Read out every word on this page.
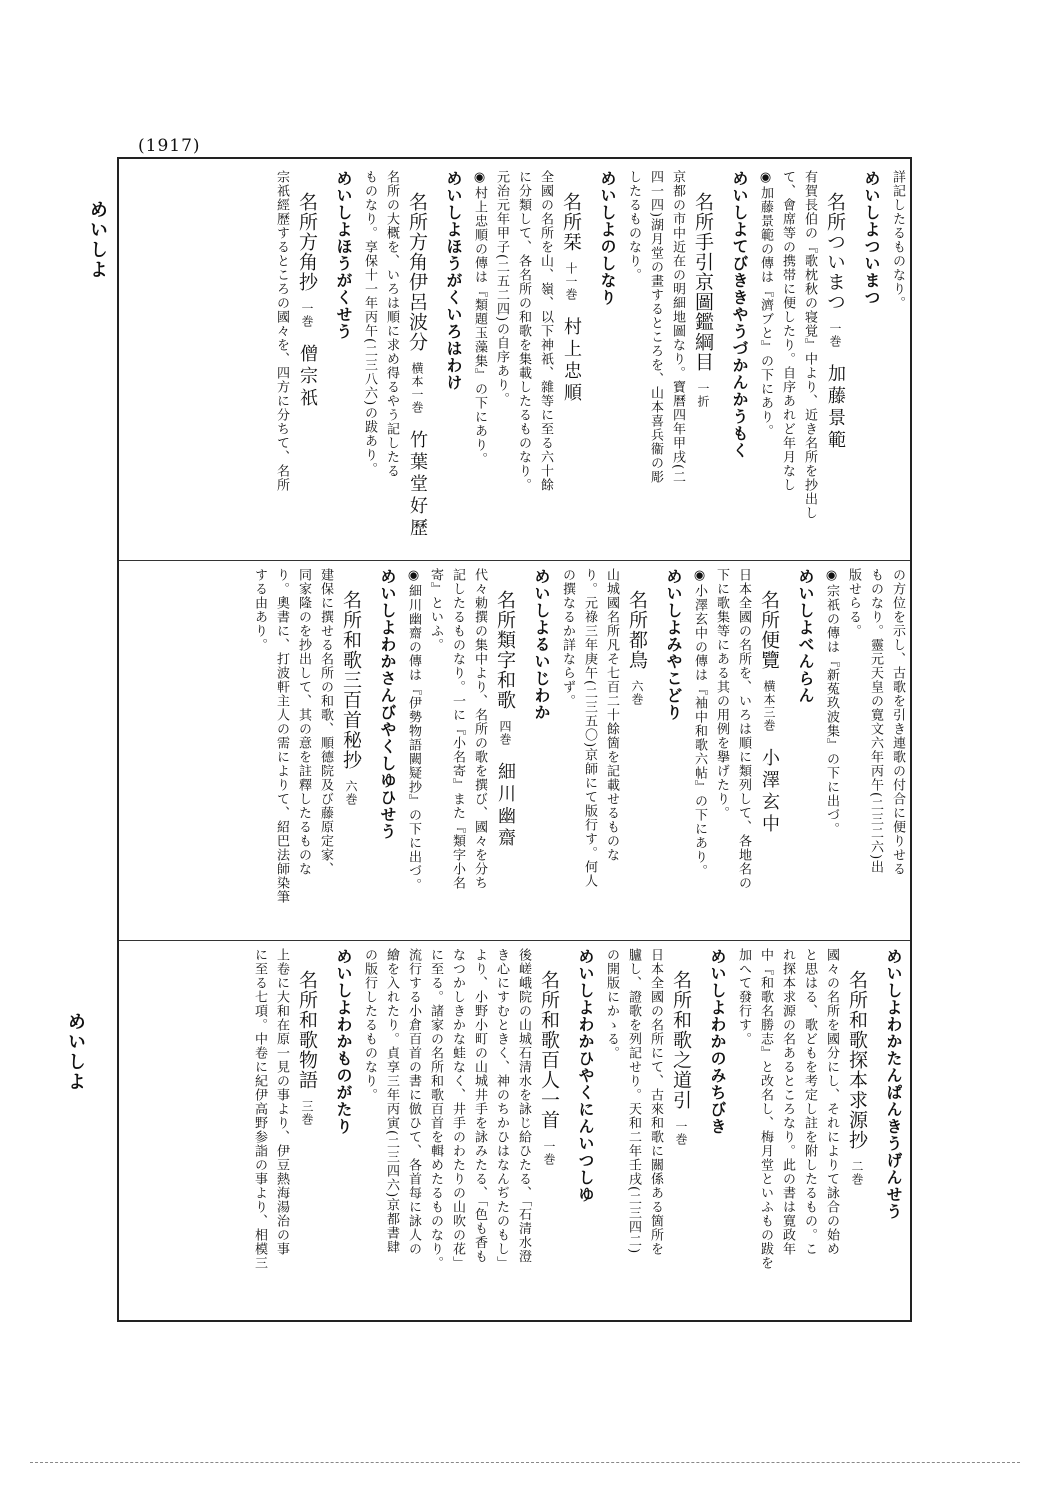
(1917)
めいしよ
めいしよ
詳記したるものなり。
めいしよついまつ
名所ついまつ一巻加藤景範
有賀長伯の『歌枕秋の寝覚』中より、近き名所を抄出し
て、會席等の携帯に便したり。自序あれど年月なし
◉加藤景範の傳は『濟ブと』の下にあり。
めいしよてびききやうづかんかうもく
名所手引京圖鑑綱目一折
京都の市中近在の明細地圖なり。寶曆四年甲戌(二
四一四)湖月堂の畫するところを、山本喜兵衞の彫
したるものなり。
めいしよのしなり
名所栞十一巻村上忠順
全國の名所を山、嶺、以下神祇、雜等に至る六十餘
に分類して、各名所の和歌を集載したるものなり。
元治元年甲子(二五二四)の自序あり。
◉村上忠順の傳は『類題玉藻集』の下にあり。
めいしよほうがくいろはわけ
名所方角伊呂波分横本一巻竹葉堂好歷
名所の大概を、いろは順に求め得るやう記したる
ものなり。享保十一年丙午(二三八六)の跋あり。
めいしよほうがくせう
名所方角抄一巻僧宗祇
宗祇經歷するところの國々を、四方に分ちて、名所
の方位を示し、古歌を引き連歌の付合に便りせる
ものなり。靈元天皇の寛文六年丙午(二三二六)出
版せらる。
◉宗祇の傳は『新菟玖波集』の下に出づ。
めいしよべんらん
名所便覽横本三巻小澤玄中
日本全國の名所を、いろは順に類列して、各地名の
下に歌集等にある其の用例を擧げたり。
◉小澤玄中の傳は『袖中和歌六帖』の下にあり。
めいしよみやこどり
名所都鳥六巻
山城國名所凡そ七百二十餘箇を記載せるものな
り。元祿三年庚午(二三五〇)京師にて版行す。何人
の撰なるか詳ならず。
めいしよるいじわか
名所類字和歌四巻細川幽齋
代々勅撰の集中より、名所の歌を撰び、國々を分ち
記したるものなり。一に『小名寄』また『類字小名
寄』といふ。
◉細川幽齋の傳は『伊勢物語闕疑抄』の下に出づ。
めいしよわかさんびやくしゆひせう
名所和歌三百首秘抄六巻
建保に撰せる名所の和歌、順德院及び藤原定家、
同家隆のを抄出して、其の意を註釋したるものな
り。奧書に、打波軒主人の需によりて、紹巴法師染筆
する由あり。
めいしよわかたんぱんきうげんせう
名所和歌探本求源抄二巻
國々の名所を國分にし、それによりて詠合の始め
と思はる、歌どもを考定し註を附したるもの。こ
れ探本求源の名あるところなり。此の書は寛政年
中『和歌名勝志』と改名し、梅月堂といふもの跋を
加へて發行す。
めいしよわかのみちびき
名所和歌之道引一巻
日本全國の名所にて、古來和歌に關係ある箇所を
臚し、證歌を列記せり。天和二年壬戌(二三四二)
の開版にかゝる。
めいしよわかひやくにんいつしゆ
名所和歌百人一首一巻
後嵯峨院の山城石清水を詠じ給ひたる、「石清水澄
き心にすむときく、神のちかひはなんぢたのもし」
より、小野小町の山城井手を詠みたる、「色も香も
なつかしきかな蛙なく、井手のわたりの山吹の花」
に至る。諸家の名所和歌百首を輯めたるものなり。
流行する小倉百首の書に倣ひて、各首每に詠人の
繪を入れたり。貞享三年丙寅(二三四六)京都書肆
の版行したるものなり。
めいしよわかものがたり
名所和歌物語三巻
上卷に大和在原一見の事より、伊豆熱海湯治の事
に至る七項。中卷に紀伊高野参詣の事より、相模三
